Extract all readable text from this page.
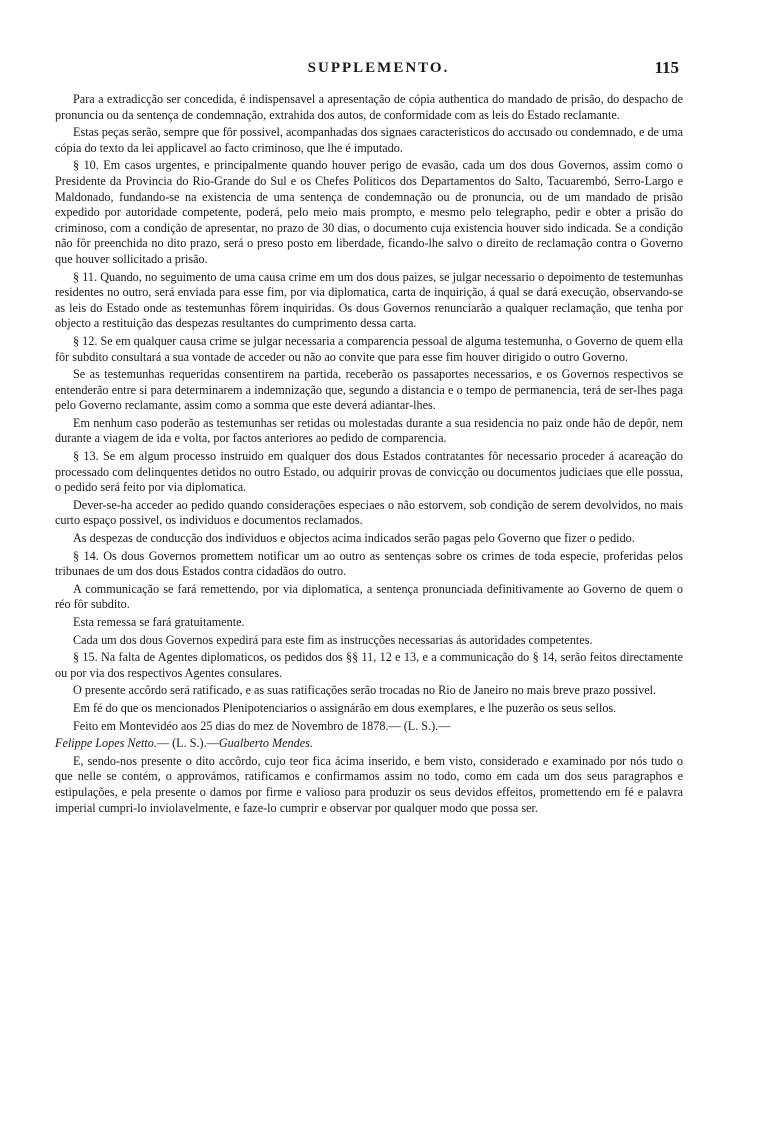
SUPPLEMENTO.	115

Para a extradicção ser concedida, é indispensavel a apresentação de cópia authentica do mandado de prisão, do despacho de pronuncia ou da sentença de condemnação, extrahida dos autos, de conformidade com as leis do Estado reclamante.

Estas peças serão, sempre que fôr possivel, acompanhadas dos signaes caracteristicos do accusado ou condemnado, e de uma cópia do texto da lei applicavel ao facto criminoso, que lhe é imputado.

§ 10. Em casos urgentes, e principalmente quando houver perigo de evasão, cada um dos dous Governos, assim como o Presidente da Provincia do Rio-Grande do Sul e os Chefes Politicos dos Departamentos do Salto, Tacuarembó, Serro-Largo e Maldonado, fundando-se na existencia de uma sentença de condemnação ou de pronuncia, ou de um mandado de prisão expedido por autoridade competente, poderá, pelo meio mais prompto, e mesmo pelo telegrapho, pedir e obter a prisão do criminoso, com a condição de apresentar, no prazo de 30 dias, o documento cuja existencia houver sido indicada. Se a condição não fôr preenchida no dito prazo, será o preso posto em liberdade, ficando-lhe salvo o direito de reclamação contra o Governo que houver sollicitado a prisão.

§ 11. Quando, no seguimento de uma causa crime em um dos dous paizes, se julgar necessario o depoimento de testemunhas residentes no outro, será enviada para esse fim, por via diplomatica, carta de inquirição, á qual se dará execução, observando-se as leis do Estado onde as testemunhas fôrem inquiridas. Os dous Governos renunciarão a qualquer reclamação, que tenha por objecto a restituição das despezas resultantes do cumprimento dessa carta.

§ 12. Se em qualquer causa crime se julgar necessaria a comparencia pessoal de alguma testemunha, o Governo de quem ella fôr subdito consultará a sua vontade de acceder ou não ao convite que para esse fim houver dirigido o outro Governo.

Se as testemunhas requeridas consentirem na partida, receberão os passaportes necessarios, e os Governos respectivos se entenderão entre si para determinarem a indemnização que, segundo a distancia e o tempo de permanencia, terá de ser-lhes paga pelo Governo reclamante, assim como a somma que este deverá adiantar-lhes.

Em nenhum caso poderão as testemunhas ser retidas ou molestadas durante a sua residencia no paiz onde hão de depôr, nem durante a viagem de ida e volta, por factos anteriores ao pedido de comparencia.

§ 13. Se em algum processo instruido em qualquer dos dous Estados contratantes fôr necessario proceder á acareação do processado com delinquentes detidos no outro Estado, ou adquirir provas de convicção ou documentos judiciaes que elle possua, o pedido será feito por via diplomatica.

Dever-se-ha acceder ao pedido quando considerações especiaes o não estorvem, sob condição de serem devolvidos, no mais curto espaço possivel, os individuos e documentos reclamados.

As despezas de conducção dos individuos e objectos acima indicados serão pagas pelo Governo que fizer o pedido.

§ 14. Os dous Governos promettem notificar um ao outro as sentenças sobre os crimes de toda especie, proferidas pelos tribunaes de um dos dous Estados contra cidadãos do outro.

A communicação se fará remettendo, por via diplomatica, a sentença pronunciada definitivamente ao Governo de quem o réo fôr subdito.

Esta remessa se fará gratuitamente.

Cada um dos dous Governos expedirá para este fim as instrucções necessarias ás autoridades competentes.

§ 15. Na falta de Agentes diplomaticos, os pedidos dos §§ 11, 12 e 13, e a communicação do § 14, serão feitos directamente ou por via dos respectivos Agentes consulares.

O presente accôrdo será ratificado, e as suas ratificações serão trocadas no Rio de Janeiro no mais breve prazo possivel.

Em fé do que os mencionados Plenipotenciarios o assignárão em dous exemplares, e lhe puzerão os seus sellos.

Feito em Montevidéo aos 25 dias do mez de Novembro de 1878.— (L. S.).—

Felippe Lopes Netto.— (L. S.).—Gualberto Mendes.

E, sendo-nos presente o dito accôrdo, cujo teor fica ácima inserido, e bem visto, considerado e examinado por nós tudo o que nelle se contém, o approvámos, ratificamos e confirmamos assim no todo, como em cada um dos seus paragraphos e estipulações, e pela presente o damos por firme e valioso para produzir os seus devidos effeitos, promettendo em fé e palavra imperial cumpri-lo inviolavelmente, e faze-lo cumprir e observar por qualquer modo que possa ser.
